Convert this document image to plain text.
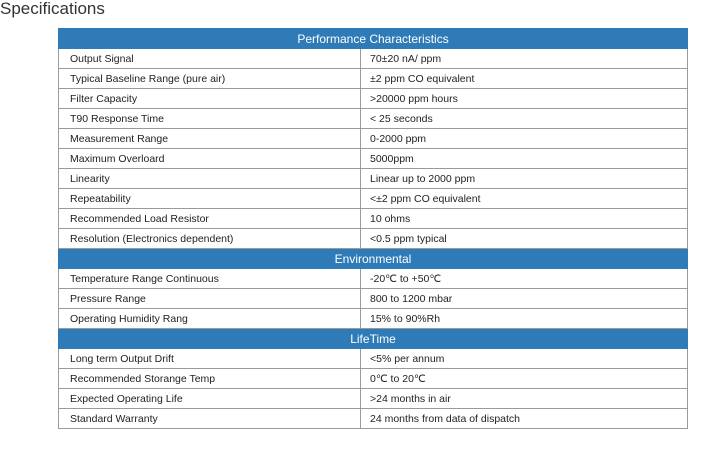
Specifications
Performance Characteristics	
Output Signal	70±20 nA/ ppm
Typical Baseline Range (pure air)	±2 ppm CO equivalent
Filter Capacity	>20000 ppm hours
T90 Response Time	< 25 seconds
Measurement Range	0-2000 ppm
Maximum Overloard	5000ppm
Linearity	Linear up to 2000 ppm
Repeatability	<±2 ppm CO equivalent
Recommended Load Resistor	10 ohms
Resolution (Electronics dependent)	<0.5 ppm typical
Environmental	
Temperature Range Continuous	-20℃ to +50℃
Pressure Range	800 to 1200 mbar
Operating Humidity Rang	15% to 90%Rh
LifeTime	
Long term Output Drift	<5% per annum
Recommended Storange Temp	0℃ to 20℃
Expected Operating Life	>24 months in air
Standard Warranty	24 months from data of dispatch
